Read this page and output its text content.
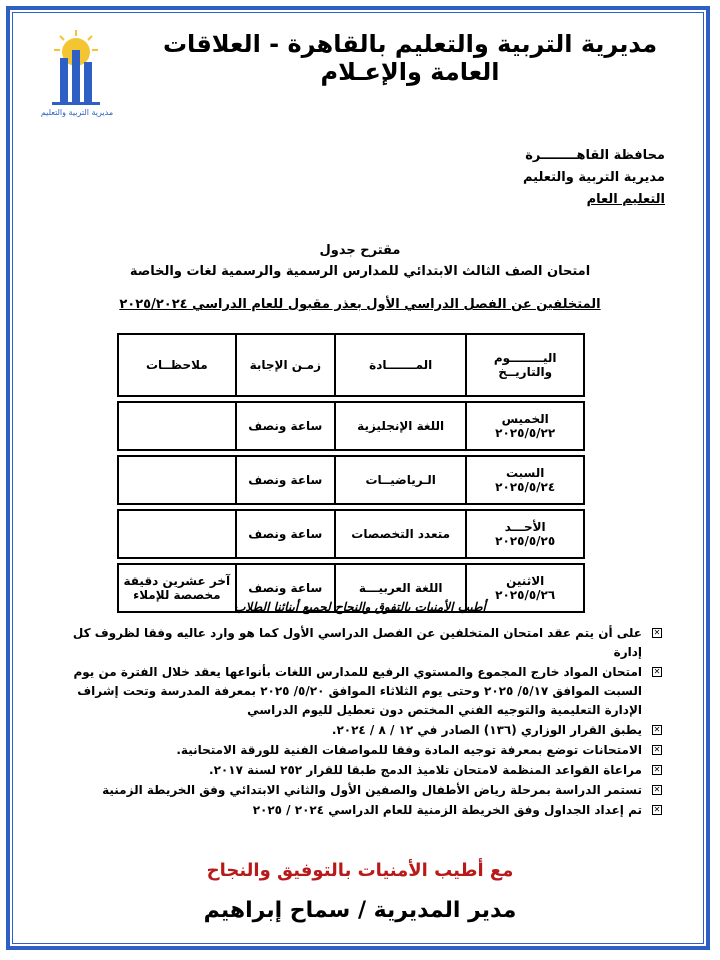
مديرية التربية والتعليم
مديرية التربية والتعليم بالقاهرة - العلاقات العامة والإعـلام
محافظة القاهــــــــرة
مديرية التربية والتعليم
التعليم العام
مقترح جدول
امتحان الصف الثالث الابتدائي للمدارس الرسمية والرسمية لغات والخاصة
المتخلفين عن الفصل الدراسي الأول بعذر مقبول للعام الدراسي ٢٠٢٥/٢٠٢٤
اليــــــــوم والتاريــخ	المـــــــادة	زمـن الإجابة	ملاحظــات

الخميس
٢٠٢٥/٥/٢٢	اللغة الإنجليزية	ساعة ونصف	

السبت
٢٠٢٥/٥/٢٤	الـرياضيــات	ساعة ونصف	

الأحـــد
٢٠٢٥/٥/٢٥	متعدد التخصصات	ساعة ونصف	

الاثنين
٢٠٢٥/٥/٢٦	اللغة العربيـــة	ساعة ونصف	آخر عشرين دقيقة
مخصصة للإملاء
أطيب الأمنيات بالتفوق والنجاح لجميع أبنائنا الطلاب
✕
على أن يتم عقد امتحان المتخلفين عن الفصل الدراسي الأول كما هو وارد عاليه وفقا لظروف كل إدارة
✕
امتحان المواد خارج المجموع والمستوي الرفيع للمدارس اللغات بأنواعها يعقد خلال الفترة من يوم السبت الموافق ٥/١٧/ ٢٠٢٥ وحتى يوم الثلاثاء الموافق ٥/٢٠/ ٢٠٢٥ بمعرفة المدرسة وتحت إشراف الإدارة التعليمية والتوجيه الفني المختص دون تعطيل لليوم الدراسي
✕
يطبق القرار الوزاري (١٣٦) الصادر في ١٢ / ٨ / ٢٠٢٤.
✕
الامتحانات توضع بمعرفة توجيه المادة وفقا للمواصفات الفنية للورقة الامتحانية.
✕
مراعاة القواعد المنظمة لامتحان تلاميذ الدمج طبقا للقرار ٢٥٢ لسنة ٢٠١٧.
✕
تستمر الدراسة بمرحلة رياض الأطفال والصفين الأول والثاني الابتدائي وفق الخريطة الزمنية
✕
تم إعداد الجداول وفق الخريطة الزمنية للعام الدراسي ٢٠٢٤ / ٢٠٢٥
مع أطيب الأمنيات بالتوفيق والنجاح
مدير المديرية / سماح إبراهيم
